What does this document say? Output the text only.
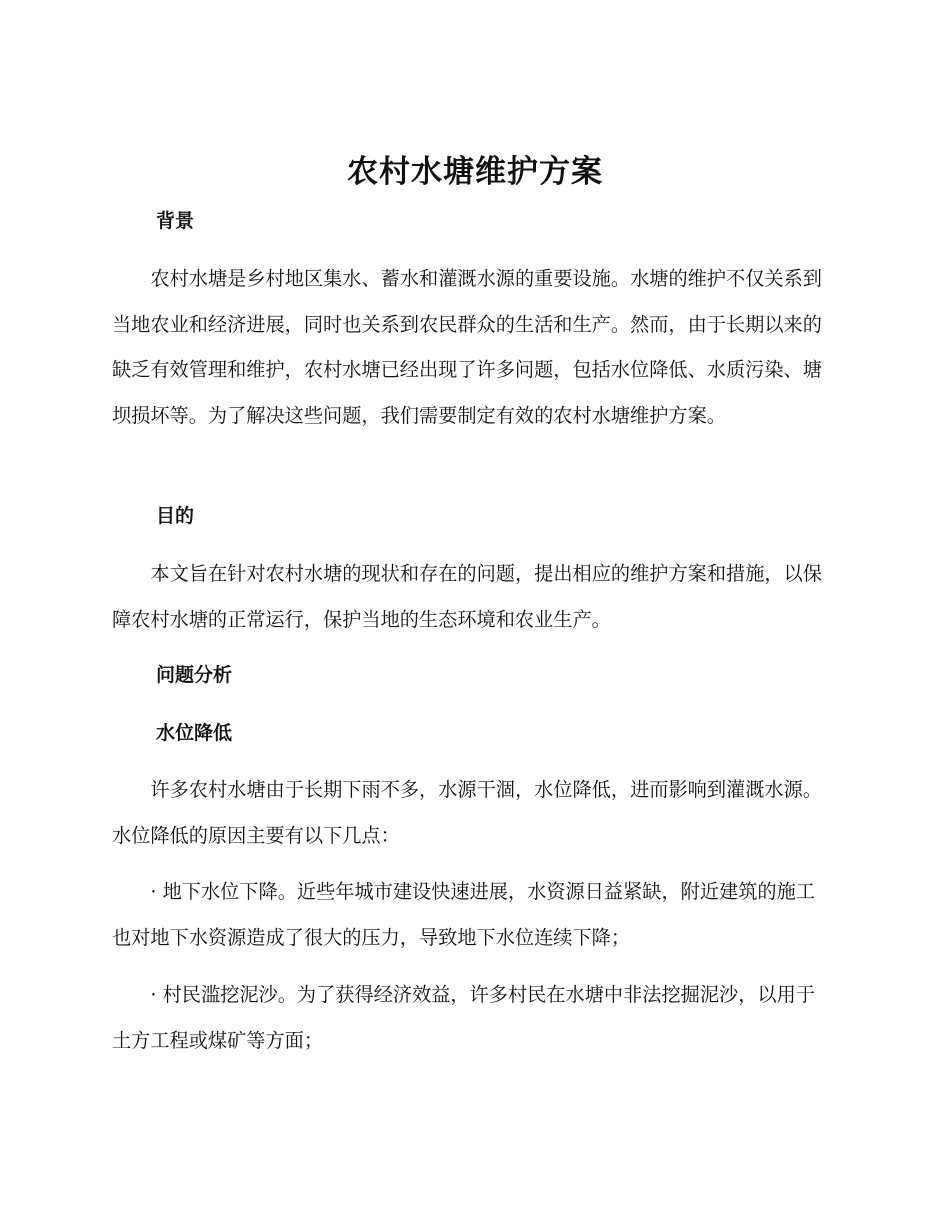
农村水塘维护方案
背景

农村水塘是乡村地区集水、蓄水和灌溉水源的重要设施。水塘的维护不仅关系到当地农业和经济进展，同时也关系到农民群众的生活和生产。然而，由于长期以来的缺乏有效管理和维护，农村水塘已经出现了许多问题，包括水位降低、水质污染、塘坝损坏等。为了解决这些问题，我们需要制定有效的农村水塘维护方案。

目的

本文旨在针对农村水塘的现状和存在的问题，提出相应的维护方案和措施，以保障农村水塘的正常运行，保护当地的生态环境和农业生产。

问题分析
水位降低

许多农村水塘由于长期下雨不多，水源干涸，水位降低，进而影响到灌溉水源。水位降低的原因主要有以下几点：

· 地下水位下降。近些年城市建设快速进展，水资源日益紧缺，附近建筑的施工也对地下水资源造成了很大的压力，导致地下水位连续下降；

· 村民滥挖泥沙。为了获得经济效益，许多村民在水塘中非法挖掘泥沙，以用于土方工程或煤矿等方面；
